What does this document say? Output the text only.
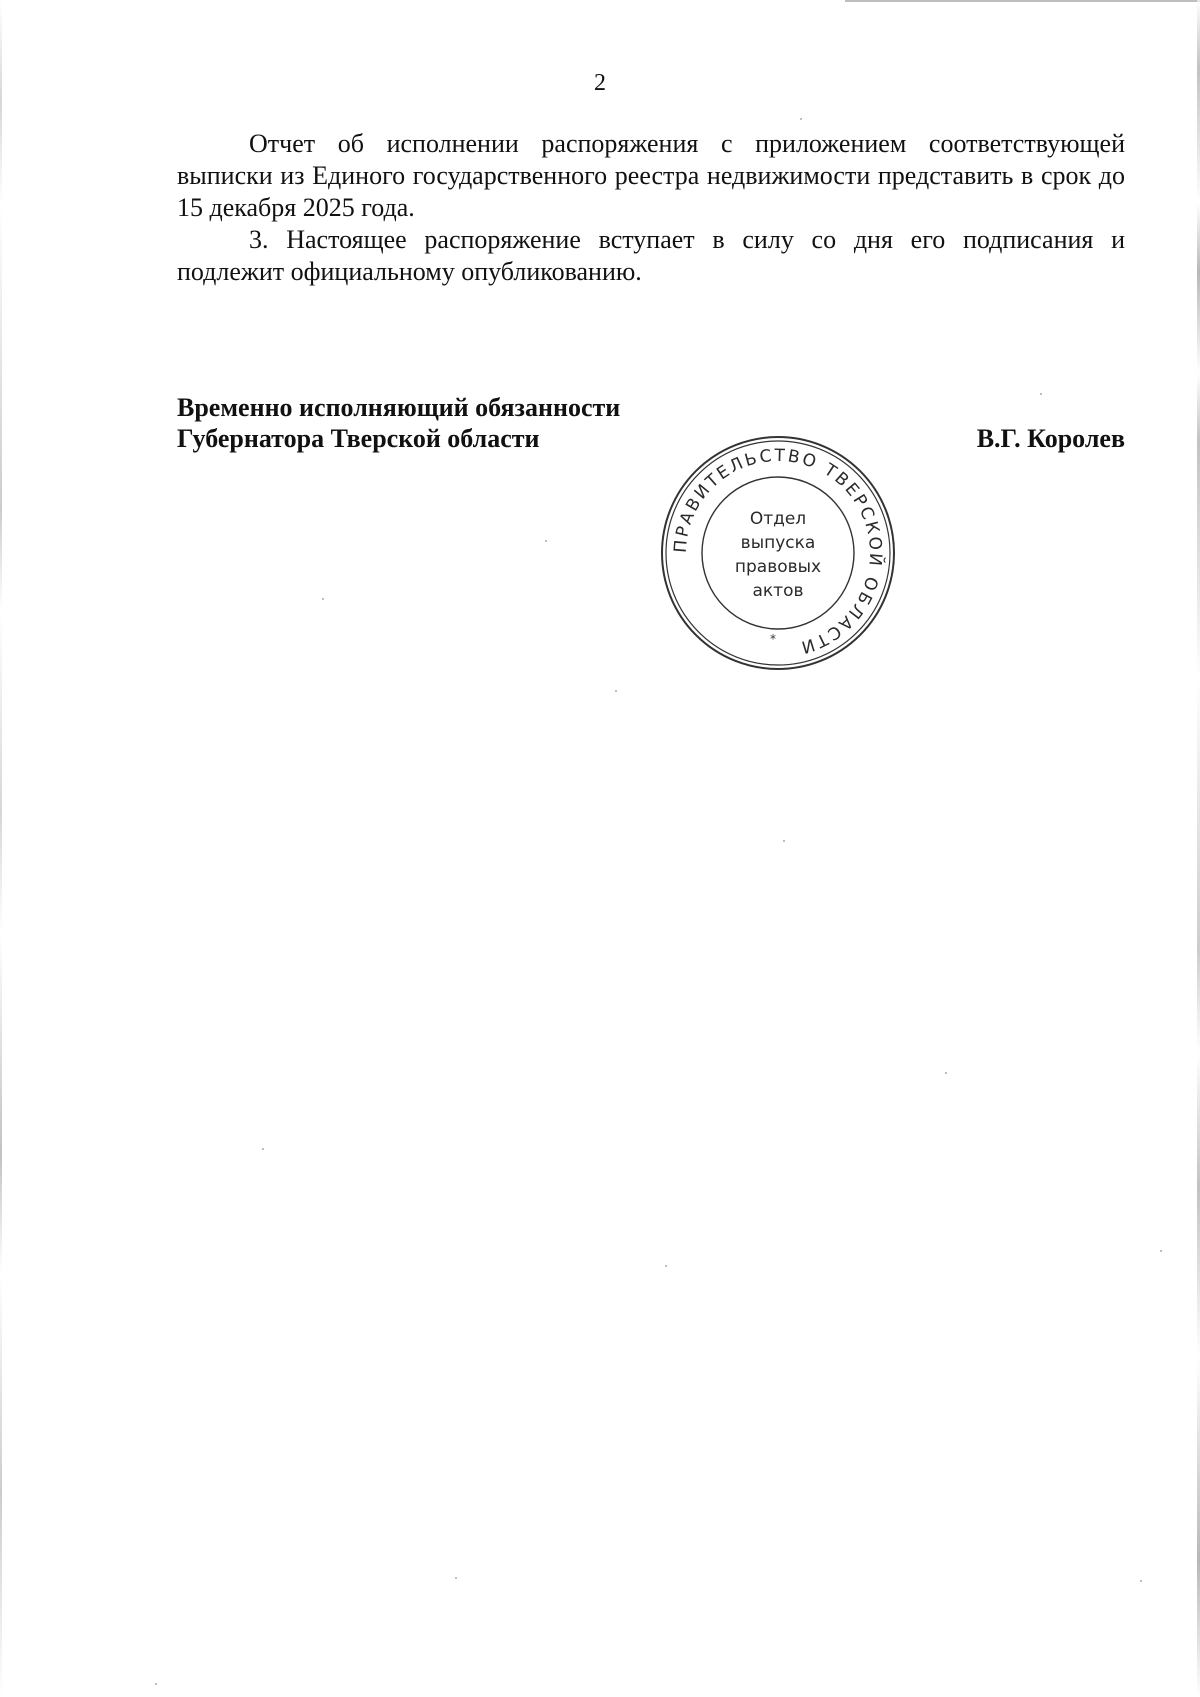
2

Отчет об исполнении распоряжения с приложением соответствующей выписки из Единого государственного реестра недвижимости представить в срок до 15 декабря 2025 года.

3. Настоящее распоряжение вступает в силу со дня его подписания и подлежит официальному опубликованию.

Временно исполняющий обязанности
Губернатора Тверской области	В.Г. Королев
ПРАВИТЕЛЬСТВО ТВЕРСКОЙ ОБЛАСТИ
Отдел
выпуска
правовых
актов
*
